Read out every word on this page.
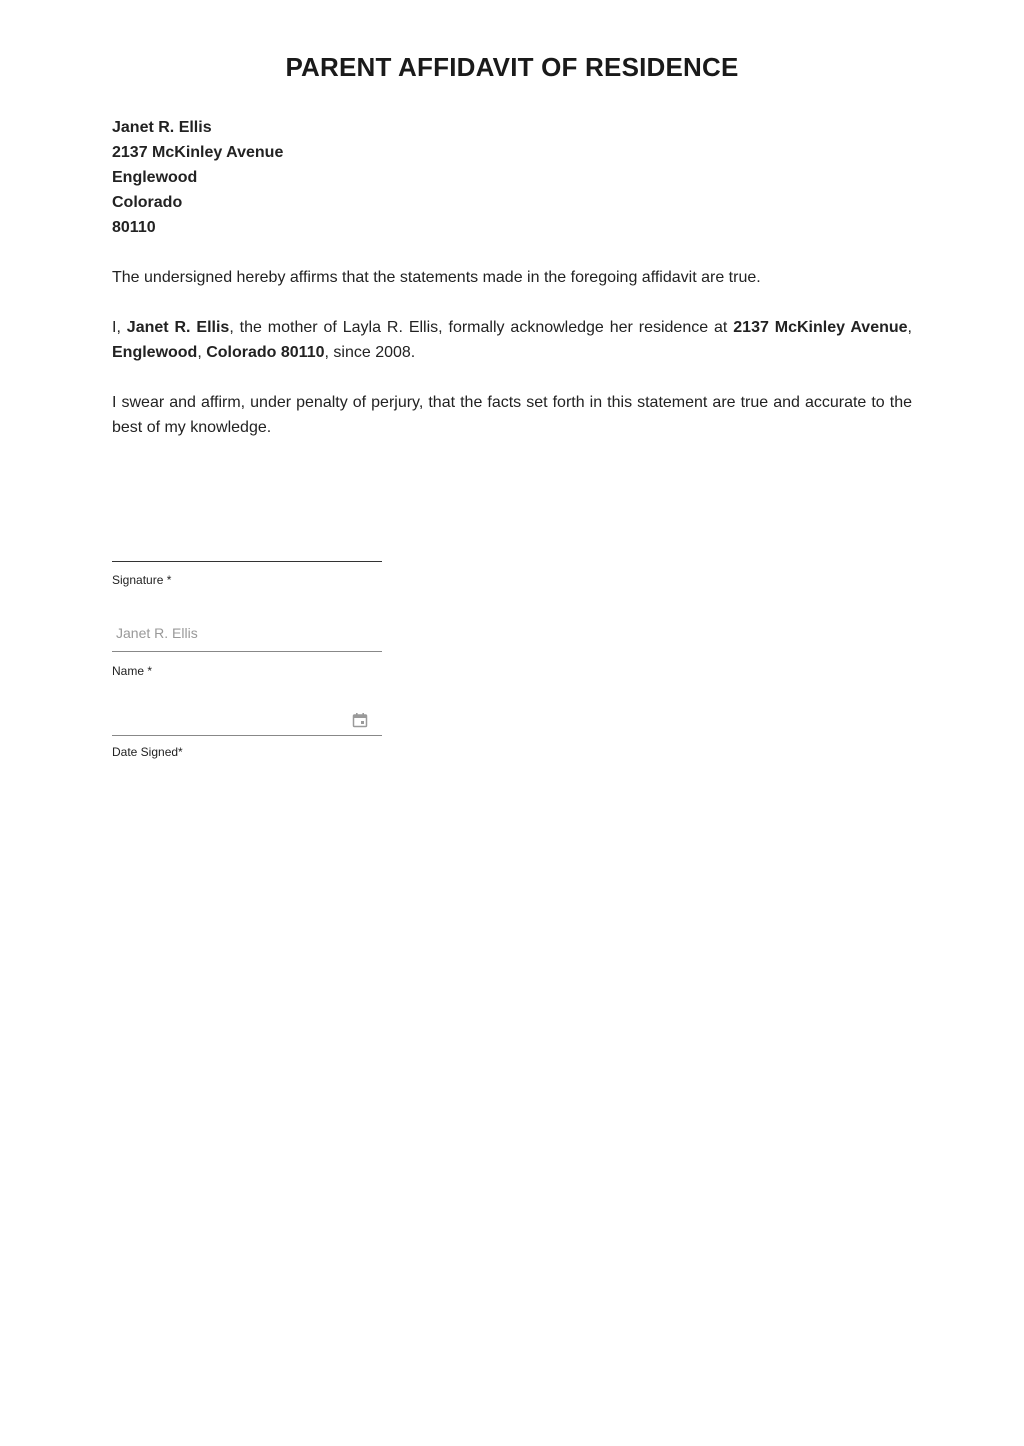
PARENT AFFIDAVIT OF RESIDENCE
Janet R. Ellis
2137 McKinley Avenue
Englewood
Colorado
80110

The undersigned hereby affirms that the statements made in the foregoing affidavit are true.

I, Janet R. Ellis, the mother of Layla R. Ellis, formally acknowledge her residence at 2137 McKinley Avenue, Englewood, Colorado 80110, since 2008.

I swear and affirm, under penalty of perjury, that the facts set forth in this statement are true and accurate to the best of my knowledge.

Signature *
Janet R. Ellis
Name *
Date Signed*
